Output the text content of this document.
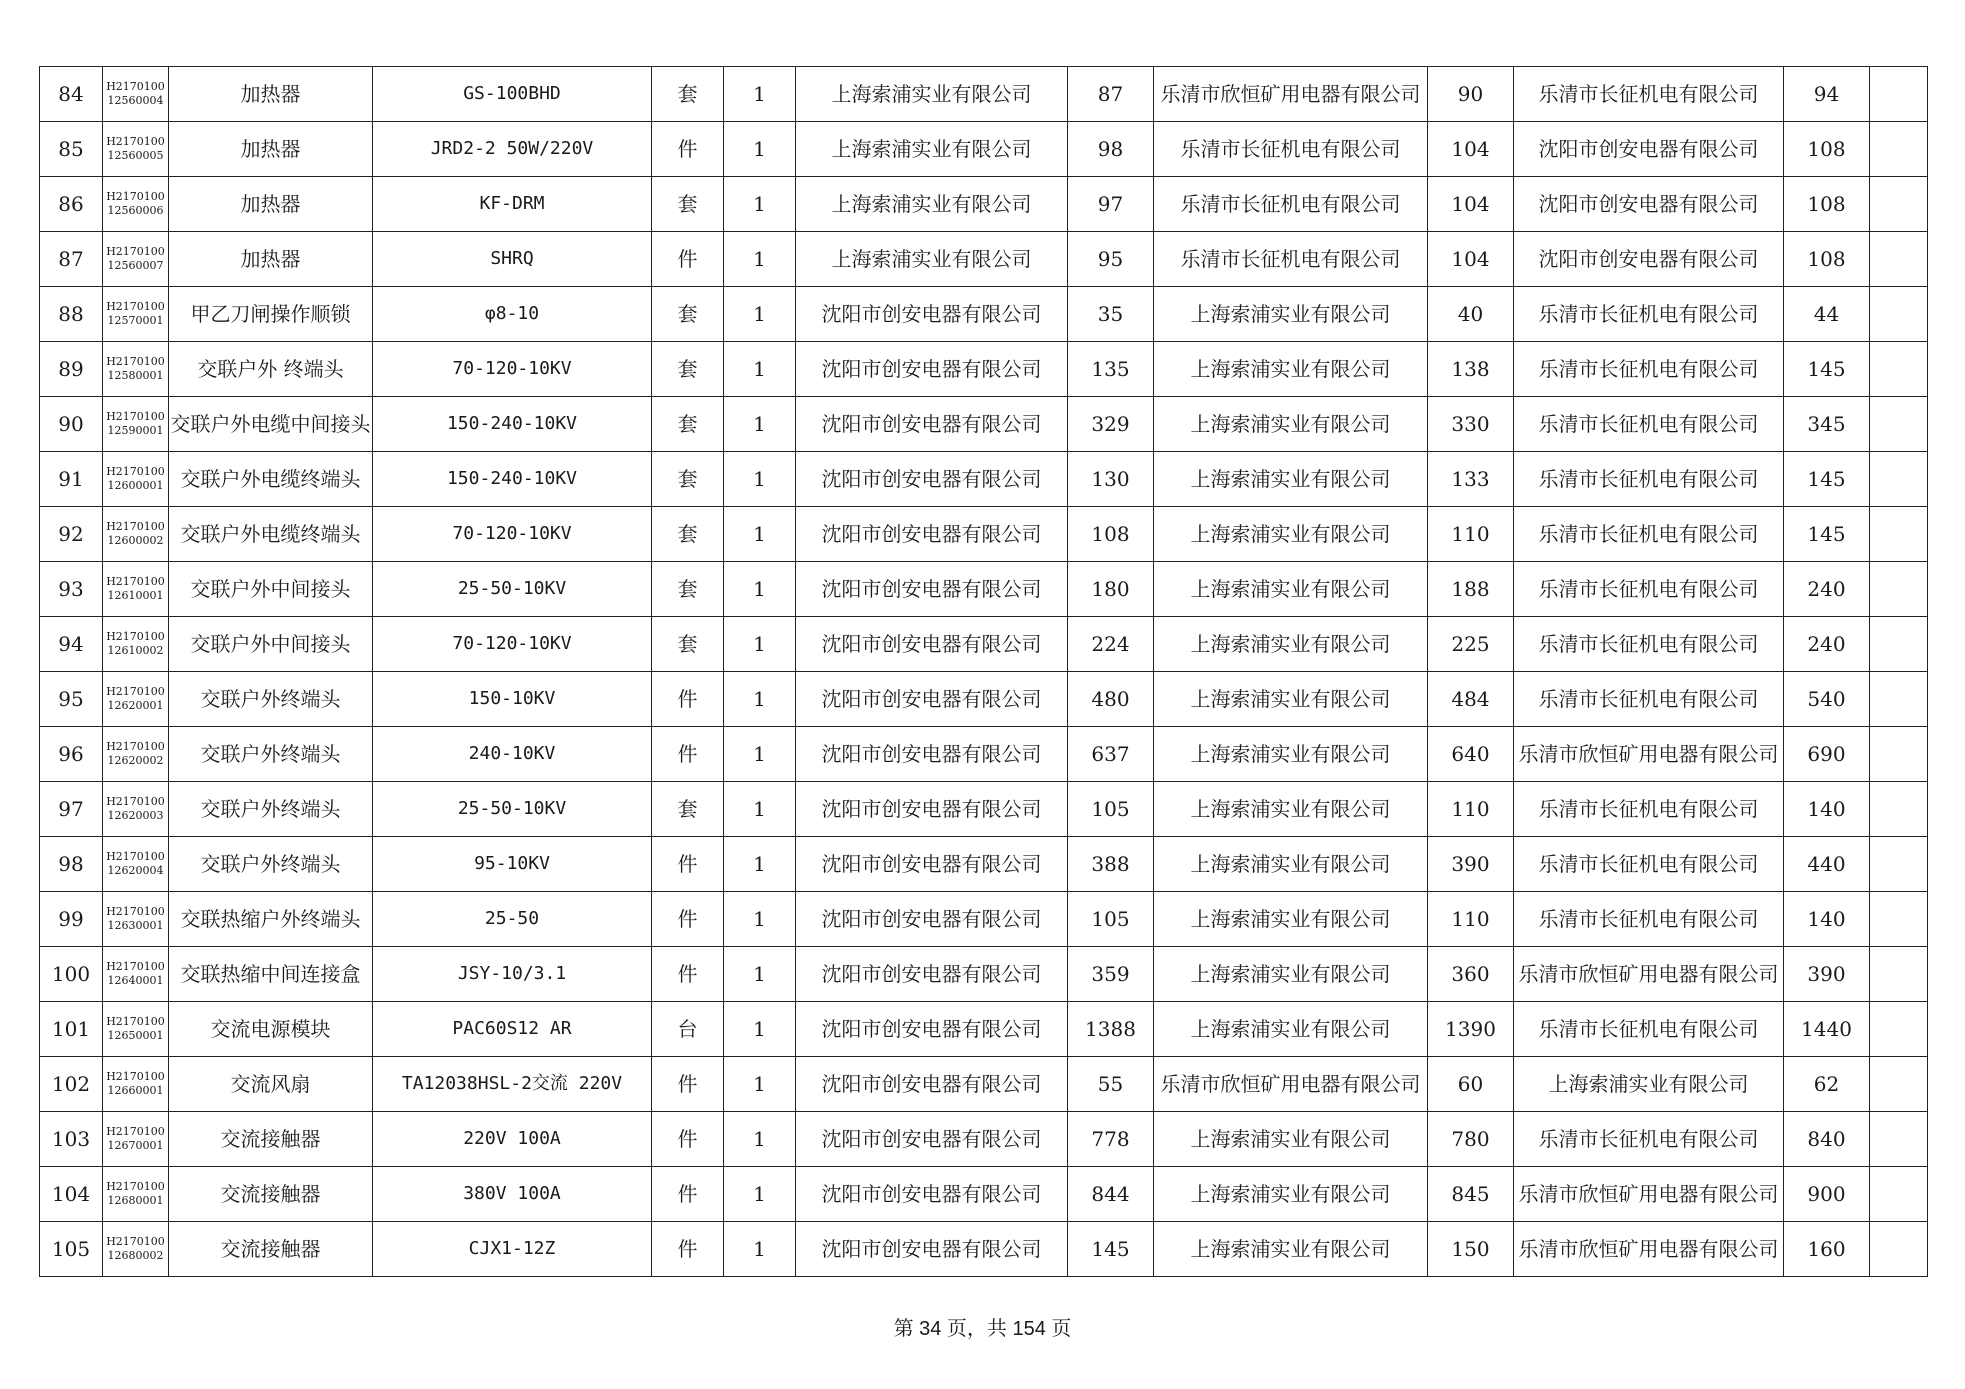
84	H217010012560004	加热器	GS-100BHD	套	1	上海索浦实业有限公司	87	乐清市欣恒矿用电器有限公司	90	乐清市长征机电有限公司	94	
85	H217010012560005	加热器	JRD2-2 50W/220V	件	1	上海索浦实业有限公司	98	乐清市长征机电有限公司	104	沈阳市创安电器有限公司	108	
86	H217010012560006	加热器	KF-DRM	套	1	上海索浦实业有限公司	97	乐清市长征机电有限公司	104	沈阳市创安电器有限公司	108	
87	H217010012560007	加热器	SHRQ	件	1	上海索浦实业有限公司	95	乐清市长征机电有限公司	104	沈阳市创安电器有限公司	108	
88	H217010012570001	甲乙刀闸操作顺锁	φ8-10	套	1	沈阳市创安电器有限公司	35	上海索浦实业有限公司	40	乐清市长征机电有限公司	44	
89	H217010012580001	交联户外 终端头	70-120-10KV	套	1	沈阳市创安电器有限公司	135	上海索浦实业有限公司	138	乐清市长征机电有限公司	145	
90	H217010012590001	交联户外电缆中间接头	150-240-10KV	套	1	沈阳市创安电器有限公司	329	上海索浦实业有限公司	330	乐清市长征机电有限公司	345	
91	H217010012600001	交联户外电缆终端头	150-240-10KV	套	1	沈阳市创安电器有限公司	130	上海索浦实业有限公司	133	乐清市长征机电有限公司	145	
92	H217010012600002	交联户外电缆终端头	70-120-10KV	套	1	沈阳市创安电器有限公司	108	上海索浦实业有限公司	110	乐清市长征机电有限公司	145	
93	H217010012610001	交联户外中间接头	25-50-10KV	套	1	沈阳市创安电器有限公司	180	上海索浦实业有限公司	188	乐清市长征机电有限公司	240	
94	H217010012610002	交联户外中间接头	70-120-10KV	套	1	沈阳市创安电器有限公司	224	上海索浦实业有限公司	225	乐清市长征机电有限公司	240	
95	H217010012620001	交联户外终端头	150-10KV	件	1	沈阳市创安电器有限公司	480	上海索浦实业有限公司	484	乐清市长征机电有限公司	540	
96	H217010012620002	交联户外终端头	240-10KV	件	1	沈阳市创安电器有限公司	637	上海索浦实业有限公司	640	乐清市欣恒矿用电器有限公司	690	
97	H217010012620003	交联户外终端头	25-50-10KV	套	1	沈阳市创安电器有限公司	105	上海索浦实业有限公司	110	乐清市长征机电有限公司	140	
98	H217010012620004	交联户外终端头	95-10KV	件	1	沈阳市创安电器有限公司	388	上海索浦实业有限公司	390	乐清市长征机电有限公司	440	
99	H217010012630001	交联热缩户外终端头	25-50	件	1	沈阳市创安电器有限公司	105	上海索浦实业有限公司	110	乐清市长征机电有限公司	140	
100	H217010012640001	交联热缩中间连接盒	JSY-10/3.1	件	1	沈阳市创安电器有限公司	359	上海索浦实业有限公司	360	乐清市欣恒矿用电器有限公司	390	
101	H217010012650001	交流电源模块	PAC60S12 AR	台	1	沈阳市创安电器有限公司	1388	上海索浦实业有限公司	1390	乐清市长征机电有限公司	1440	
102	H217010012660001	交流风扇	TA12038HSL-2交流 220V	件	1	沈阳市创安电器有限公司	55	乐清市欣恒矿用电器有限公司	60	上海索浦实业有限公司	62	
103	H217010012670001	交流接触器	220V 100A	件	1	沈阳市创安电器有限公司	778	上海索浦实业有限公司	780	乐清市长征机电有限公司	840	
104	H217010012680001	交流接触器	380V 100A	件	1	沈阳市创安电器有限公司	844	上海索浦实业有限公司	845	乐清市欣恒矿用电器有限公司	900	
105	H217010012680002	交流接触器	CJX1-12Z	件	1	沈阳市创安电器有限公司	145	上海索浦实业有限公司	150	乐清市欣恒矿用电器有限公司	160	
第 34 页，共 154 页
